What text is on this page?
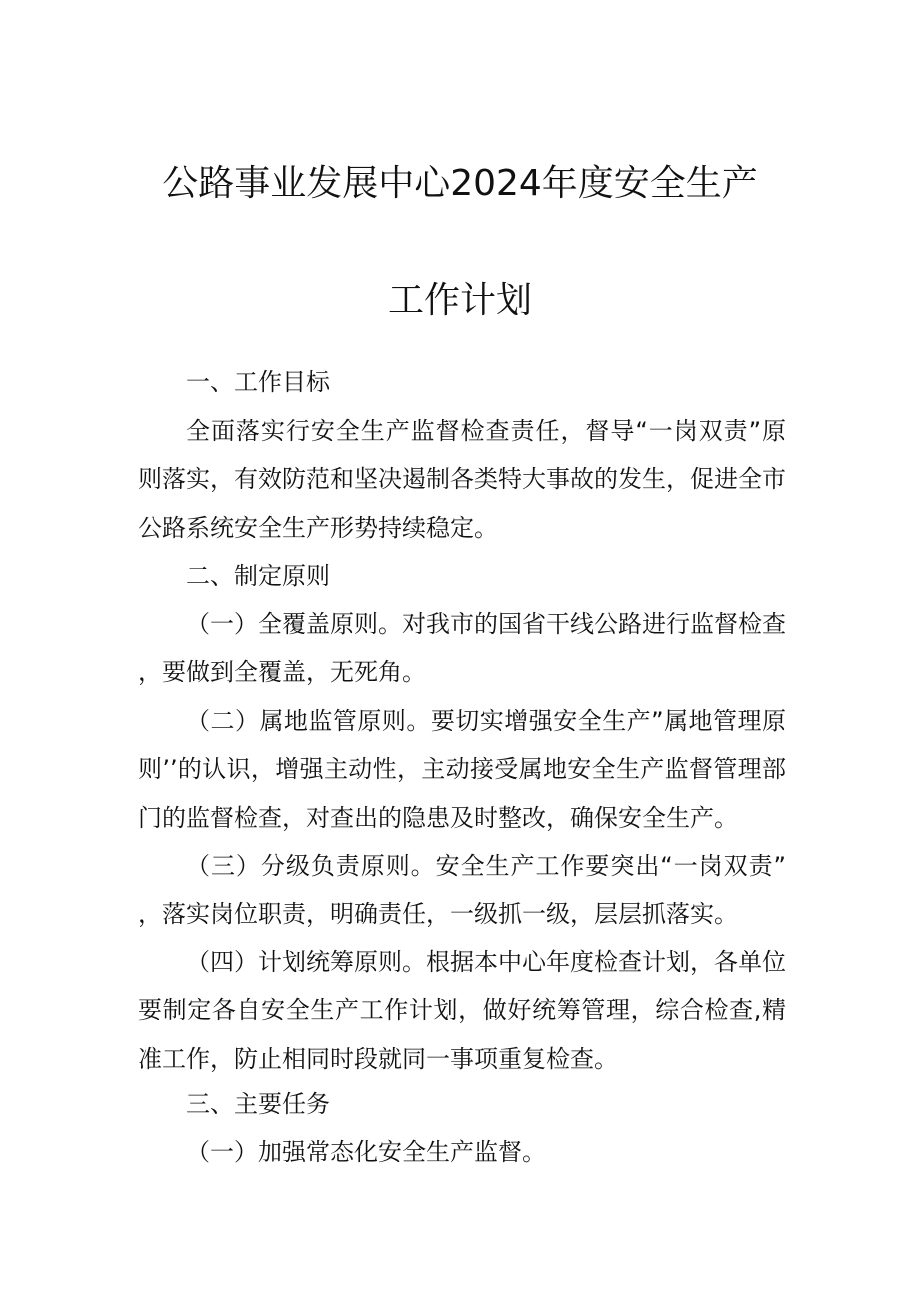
公路事业发展中心2024年度安全生产
工作计划

一、工作目标

全面落实行安全生产监督检查责任，督导“一岗双责”原则落实，有效防范和坚决遏制各类特大事故的发生，促进全市公路系统安全生产形势持续稳定。

二、制定原则

（一）全覆盖原则。对我市的国省干线公路进行监督检查，要做到全覆盖，无死角。

（二）属地监管原则。要切实增强安全生产”属地管理原则’’的认识，增强主动性，主动接受属地安全生产监督管理部门的监督检查，对查出的隐患及时整改，确保安全生产。

（三）分级负责原则。安全生产工作要突出“一岗双责”，落实岗位职责，明确责任，一级抓一级，层层抓落实。

（四）计划统筹原则。根据本中心年度检查计划，各单位要制定各自安全生产工作计划，做好统筹管理，综合检查,精准工作，防止相同时段就同一事项重复检查。

三、主要任务

（一）加强常态化安全生产监督。
